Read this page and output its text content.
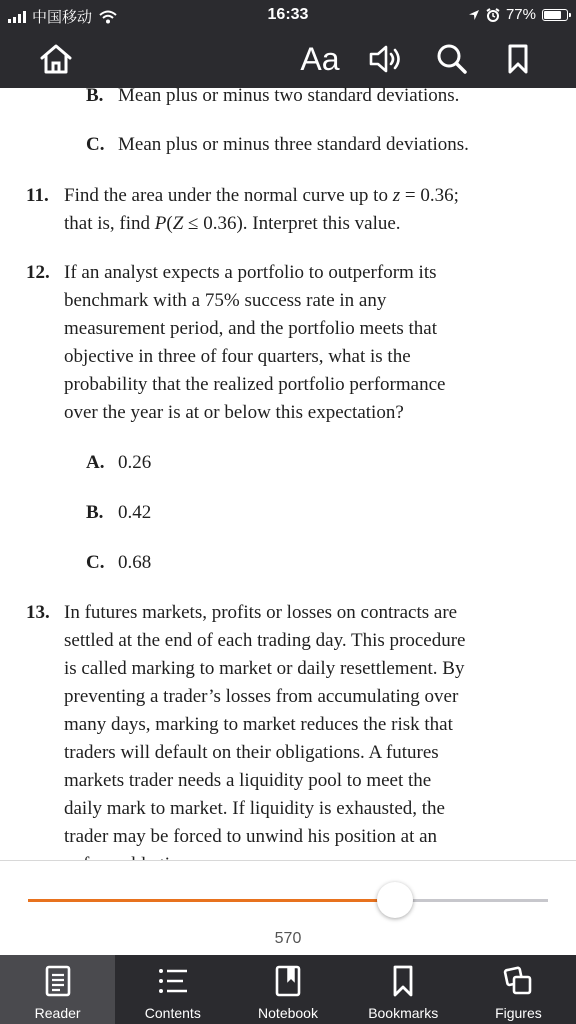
中国移动	16:33	77%
Aa
B. Mean plus or minus two standard deviations.
C. Mean plus or minus three standard deviations.
11. Find the area under the normal curve up to z = 0.36;
that is, find P(Z ≤ 0.36). Interpret this value.
12. If an analyst expects a portfolio to outperform its
benchmark with a 75% success rate in any
measurement period, and the portfolio meets that
objective in three of four quarters, what is the
probability that the realized portfolio performance
over the year is at or below this expectation?
A. 0.26
B. 0.42
C. 0.68
13. In futures markets, profits or losses on contracts are
settled at the end of each trading day. This procedure
is called marking to market or daily resettlement. By
preventing a trader’s losses from accumulating over
many days, marking to market reduces the risk that
traders will default on their obligations. A futures
markets trader needs a liquidity pool to meet the
daily mark to market. If liquidity is exhausted, the
trader may be forced to unwind his position at an

570
Reader	Contents	Notebook	Bookmarks	Figures
